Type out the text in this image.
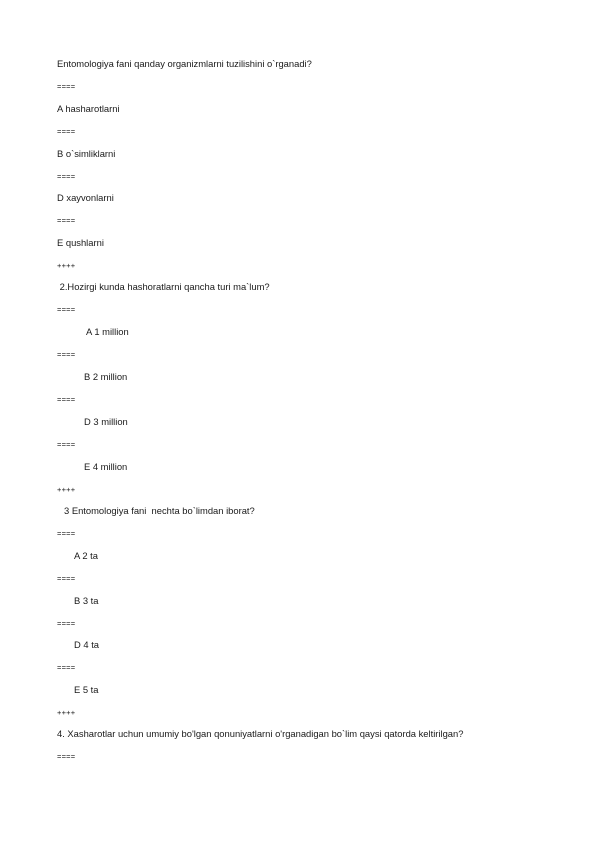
Entomologiya fani qanday organizmlarni tuzilishini o`rganadi?
====
A hasharotlarni
====
B o`simliklarni
====
D xayvonlarni
====
E qushlarni
++++
2.Hozirgi kunda hashoratlarni qancha turi ma`lum?
====
A 1 million
====
B 2 million
====
D 3 million
====
E 4 million
++++
3 Entomologiya fani  nechta bo`limdan iborat?
====
A 2 ta
====
B 3 ta
====
D 4 ta
====
E 5 ta
++++
4. Xasharotlar uchun umumiy bo'lgan qonuniyatlarni o'rganadigan bo`lim qaysi qatorda keltirilgan?
====
